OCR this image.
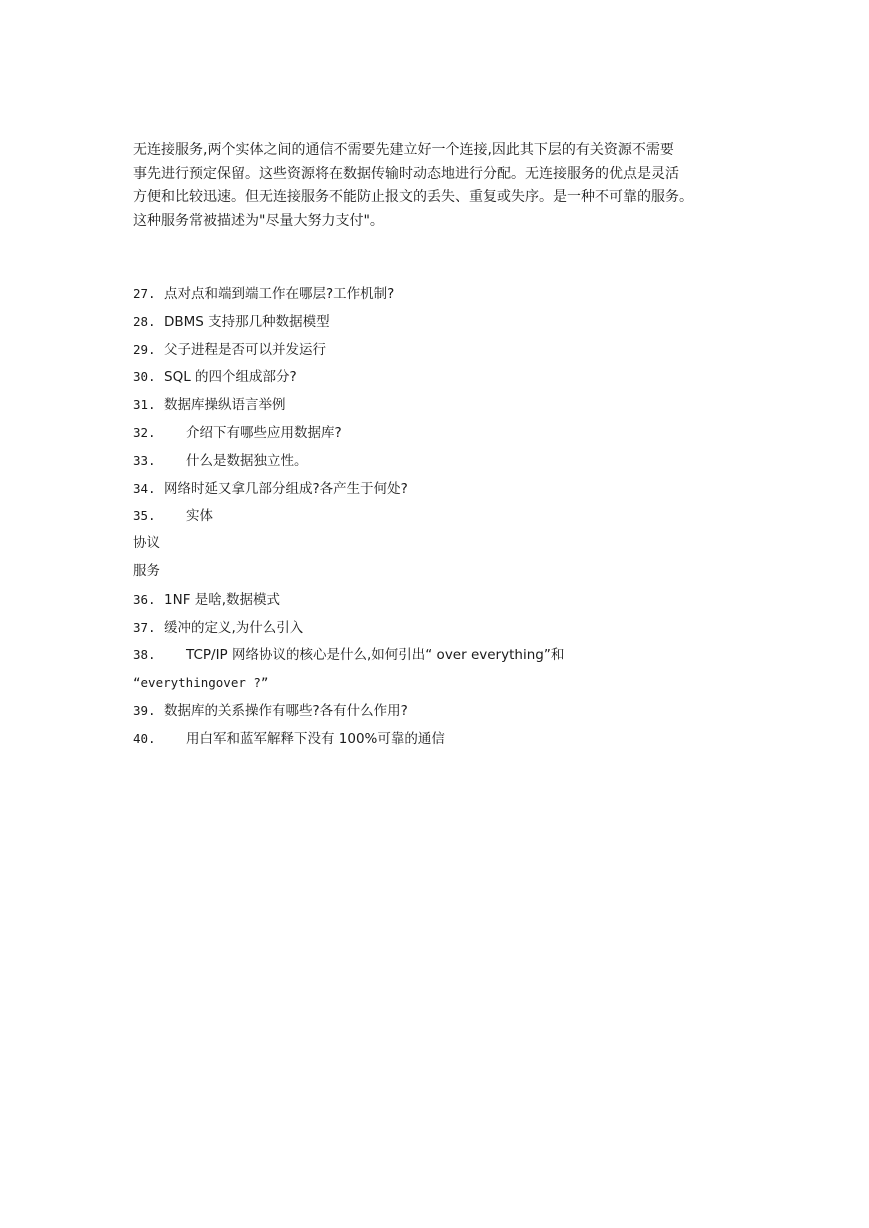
无连接服务,两个实体之间的通信不需要先建立好一个连接,因此其下层的有关资源不需要
事先进行预定保留。这些资源将在数据传输时动态地进行分配。无连接服务的优点是灵活
方便和比较迅速。但无连接服务不能防止报文的丢失、重复或失序。是一种不可靠的服务。
这种服务常被描述为"尽量大努力支付"。

27. 点对点和端到端工作在哪层?工作机制?
28. DBMS 支持那几种数据模型
29. 父子进程是否可以并发运行
30. SQL 的四个组成部分?
31. 数据库操纵语言举例
32. 介绍下有哪些应用数据库?
33. 什么是数据独立性。
34. 网络时延又拿几部分组成?各产生于何处?
35. 实体
协议
服务
36. 1NF 是啥,数据模式
37. 缓冲的定义,为什么引入
38. TCP/IP 网络协议的核心是什么,如何引出“ over everything”和
“everythingover ?”
39. 数据库的关系操作有哪些?各有什么作用?
40. 用白军和蓝军解释下没有 100%可靠的通信
